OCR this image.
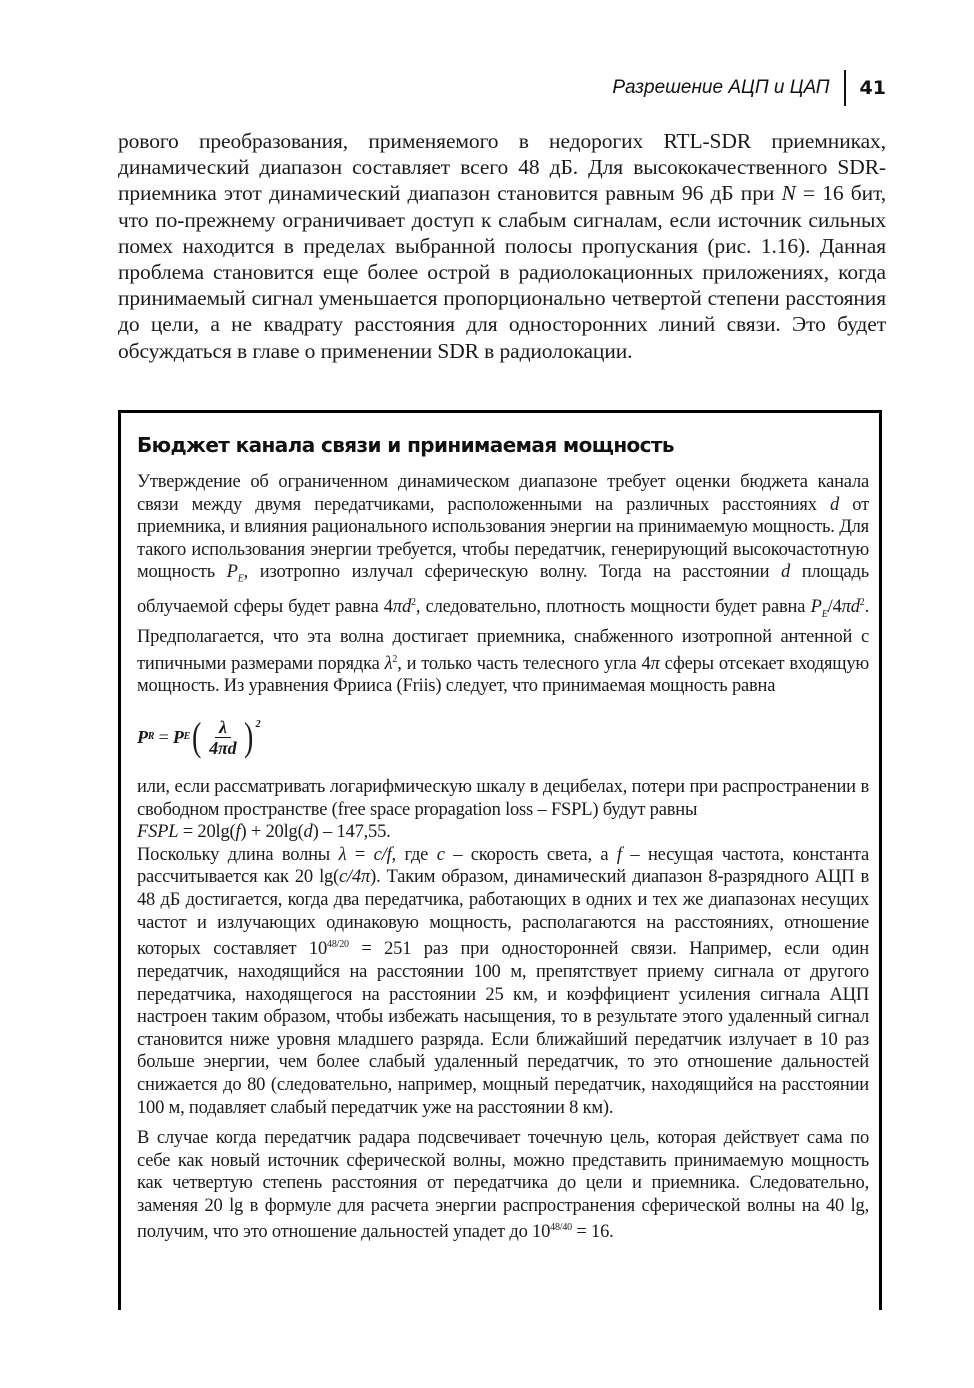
Разрешение АЦП и ЦАП 41

рового преобразования, применяемого в недорогих RTL-SDR приемниках, динамический диапазон составляет всего 48 дБ. Для высококачественного SDR-приемника этот динамический диапазон становится равным 96 дБ при N = 16 бит, что по-прежнему ограничивает доступ к слабым сигналам, если источник сильных помех находится в пределах выбранной полосы пропускания (рис. 1.16). Данная проблема становится еще более острой в радиолокационных приложениях, когда принимаемый сигнал уменьшается пропорционально четвертой степени расстояния до цели, а не квадрату расстояния для односторонних линий связи. Это будет обсуждаться в главе о применении SDR в радиолокации.

Бюджет канала связи и принимаемая мощность

Утверждение об ограниченном динамическом диапазоне требует оценки бюджета канала связи между двумя передатчиками, расположенными на различных расстояниях d от приемника, и влияния рационального использования энергии на принимаемую мощность. Для такого использования энергии требуется, чтобы передатчик, генерирующий высокочастотную мощность $P_E$, изотропно излучал сферическую волну. Тогда на расстоянии d площадь облучаемой сферы будет равна $4\pi d^2$, следовательно, плотность мощности будет равна $P_E/4\pi d^2$. Предполагается, что эта волна достигает приемника, снабженного изотропной антенной с типичными размерами порядка $\lambda^2$, и только часть телесного угла 4π сферы отсекает входящую мощность. Из уравнения Фрииса (Friis) следует, что принимаемая мощность равна

P R = P E ( $\frac{\lambda}{4\pi d} )^2$

или, если рассматривать логарифмическую шкалу в децибелах, потери при распространении в свободном пространстве (free space propagation loss – FSPL) будут равны

FSPL = 20lg(f) + 20lg(d) – 147,55.

Поскольку длина волны λ = c/f, где c – скорость света, а f – несущая частота, константа рассчитывается как 20 lg(c/4π). Таким образом, динамический диапазон 8-разрядного АЦП в 48 дБ достигается, когда два передатчика, работающих в одних и тех же диапазонах несущих частот и излучающих одинаковую мощность, располагаются на расстояниях, отношение которых составляет $10^{48/20} = 251$ раз при односторонней связи. Например, если один передатчик, находящийся на расстоянии 100 м, препятствует приему сигнала от другого передатчика, находящегося на расстоянии 25 км, и коэффициент усиления сигнала АЦП настроен таким образом, чтобы избежать насыщения, то в результате этого удаленный сигнал становится ниже уровня младшего разряда. Если ближайший передатчик излучает в 10 раз больше энергии, чем более слабый удаленный передатчик, то это отношение дальностей снижается до 80 (следовательно, например, мощный передатчик, находящийся на расстоянии 100 м, подавляет слабый передатчик уже на расстоянии 8 км).

В случае когда передатчик радара подсвечивает точечную цель, которая действует сама по себе как новый источник сферической волны, можно представить принимаемую мощность как четвертую степень расстояния от передатчика до цели и приемника. Следовательно, заменяя 20 lg в формуле для расчета энергии распространения сферической волны на 40 lg, получим, что это отношение дальностей упадет до $10^{48/40} = 16$.
